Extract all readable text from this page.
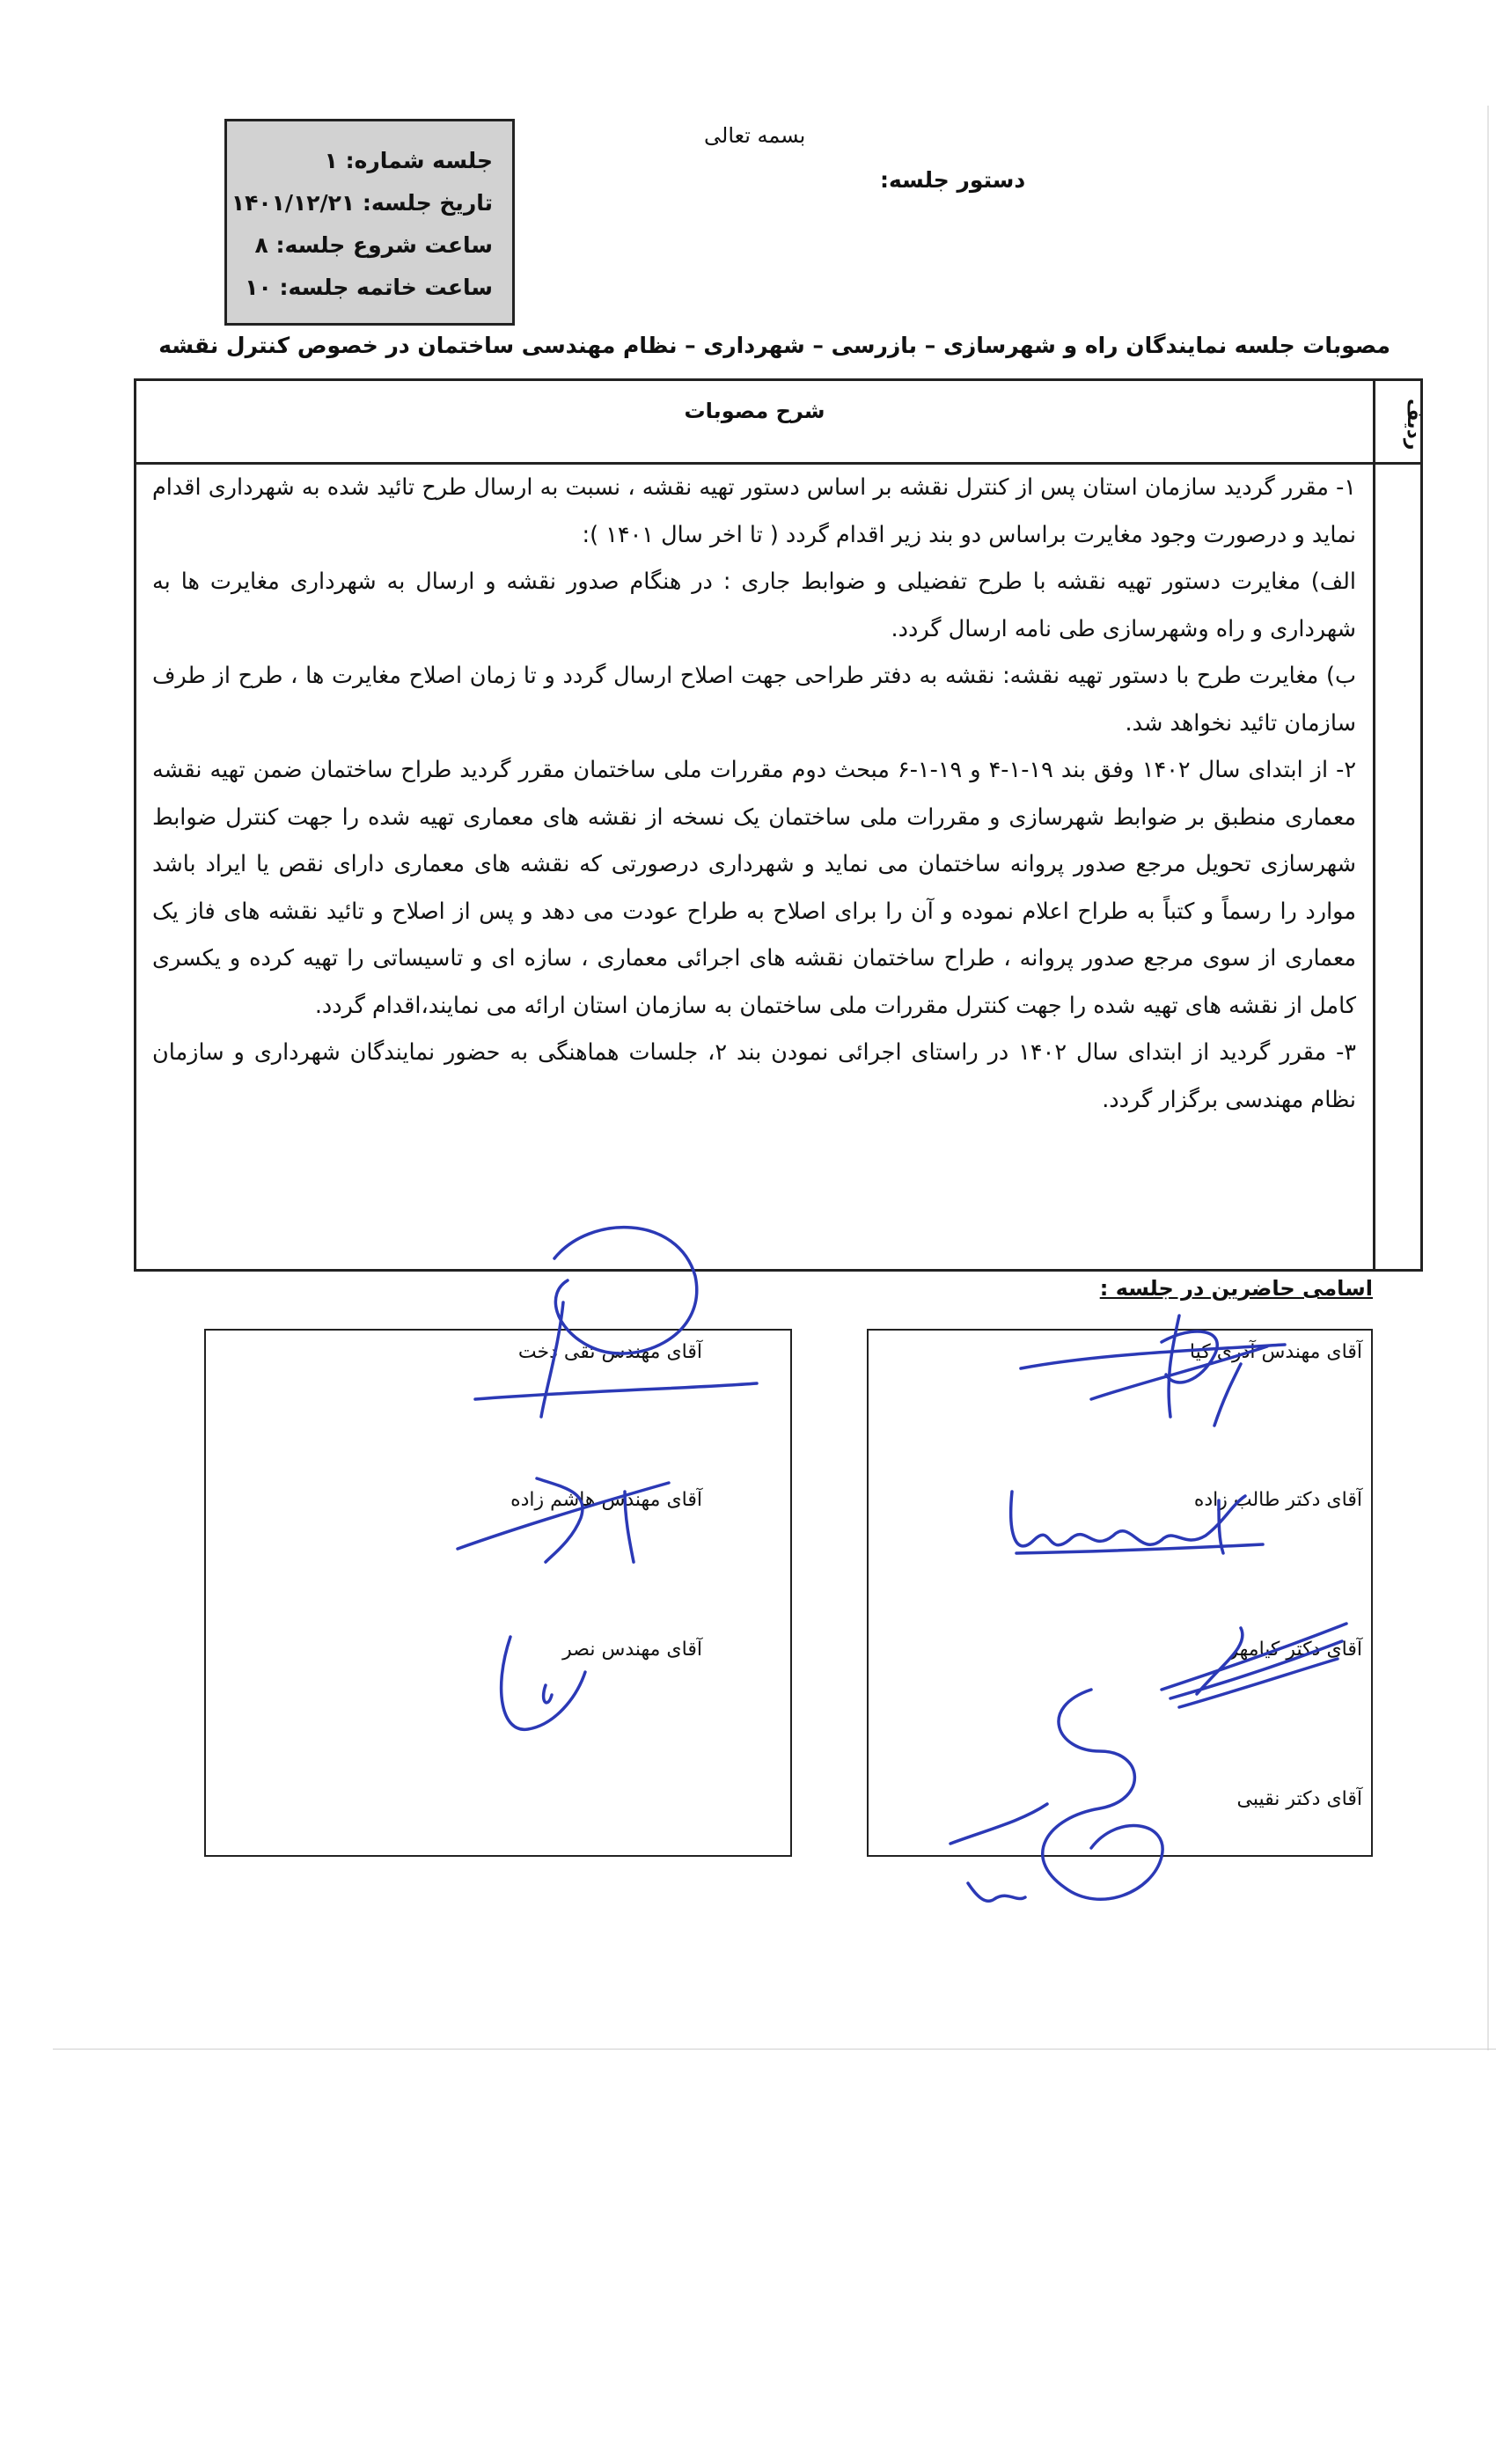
بسمه تعالی
دستور جلسه:
جلسه شماره: ۱
تاریخ جلسه: ۱۴۰۱/۱۲/۲۱
ساعت شروع جلسه: ۸
ساعت خاتمه جلسه: ۱۰
مصوبات جلسه نمایندگان راه و شهرسازی – بازرسی – شهرداری – نظام مهندسی ساختمان در خصوص کنترل نقشه
ردیف
شرح مصوبات

۱- مقرر گردید سازمان استان پس از کنترل نقشه بر اساس دستور تهیه نقشه ، نسبت به ارسال طرح تائید شده به شهرداری اقدام نماید و درصورت وجود مغایرت براساس دو بند زیر اقدام گردد ( تا اخر سال ۱۴۰۱ ):

الف) مغایرت دستور تهیه نقشه با طرح تفضیلی و ضوابط جاری : در هنگام صدور نقشه و ارسال به شهرداری مغایرت ها به شهرداری و راه وشهرسازی طی نامه ارسال گردد.

ب) مغایرت طرح با دستور تهیه نقشه: نقشه به دفتر طراحی جهت اصلاح ارسال گردد و تا زمان اصلاح مغایرت ها ، طرح از طرف سازمان تائید نخواهد شد.

۲- از ابتدای سال ۱۴۰۲ وفق بند ۱۹-۱-۴ و ۱۹-۱-۶ مبحث دوم مقررات ملی ساختمان مقرر گردید طراح ساختمان ضمن تهیه نقشه معماری منطبق بر ضوابط شهرسازی و مقررات ملی ساختمان یک نسخه از نقشه های معماری تهیه شده را جهت کنترل ضوابط شهرسازی تحویل مرجع صدور پروانه ساختمان می نماید و شهرداری درصورتی که نقشه های معماری دارای نقص یا ایراد باشد موارد را رسماً و کتباً به طراح اعلام نموده و آن را برای اصلاح به طراح عودت می دهد و پس از اصلاح و تائید نقشه های فاز یک معماری از سوی مرجع صدور پروانه ، طراح ساختمان نقشه های اجرائی معماری ، سازه ای و تاسیساتی را تهیه کرده و یکسری کامل از نقشه های تهیه شده را جهت کنترل مقررات ملی ساختمان به سازمان استان ارائه می نمایند،اقدام گردد.

۳- مقرر گردید از ابتدای سال ۱۴۰۲ در راستای اجرائی نمودن بند ۲، جلسات هماهنگی به حضور نمایندگان شهرداری و سازمان نظام مهندسی برگزار گردد.

اسامی حاضرین در جلسه :
آقای مهندس آذری کیا
آقای دکتر طالب زاده
آقای دکتر کیامهر
آقای دکتر نقیبی
آقای مهندس تقی دخت
آقای مهندس هاشم زاده
آقای مهندس نصر
